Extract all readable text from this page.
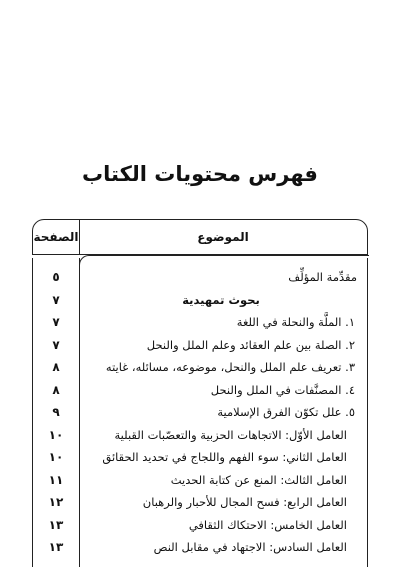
فهرس محتويات الكتاب
الصفحة	الموضوع
٥	مقدِّمة المؤلِّف
٧	بحوث تمهيدية
٧	١. الملَّة والنحلة في اللغة
٧	٢. الصلة بين علم العقائد وعلم الملل والنحل
٨	٣. تعريف علم الملل والنحل، موضوعه، مسائله، غايته
٨	٤. المصنَّفات في الملل والنحل
٩	٥. علل تكوّن الفرق الإسلامية
١٠	العامل الأوّل: الاتجاهات الحزبية والتعصّبات القبلية
١٠	العامل الثاني: سوء الفهم واللجاج في تحديد الحقائق
١١	العامل الثالث: المنع عن كتابة الحديث
١٢	العامل الرابع: فسح المجال للأحبار والرهبان
١٣	العامل الخامس: الاحتكاك الثقافي
١٣	العامل السادس: الاجتهاد في مقابل النص
